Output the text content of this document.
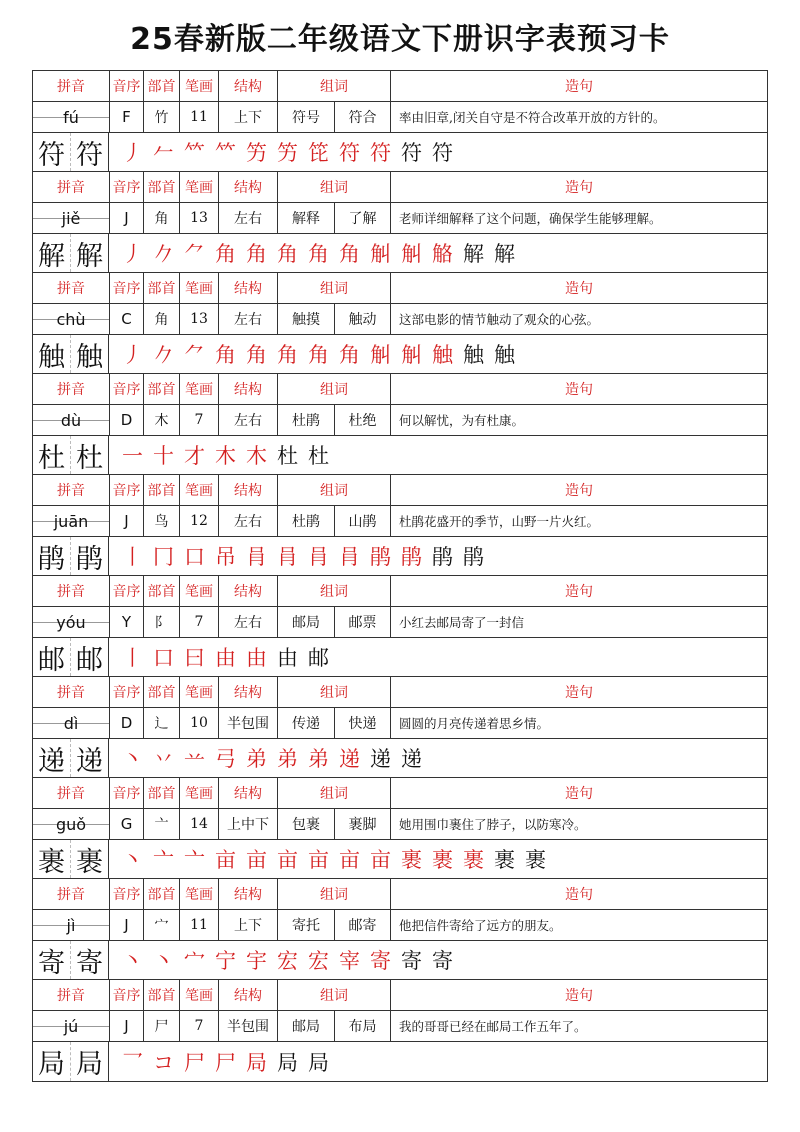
25春新版二年级语文下册识字表预习卡
拼音	音序 部首 笔画	结构	组词	造句
fú	F	竹	11	上下	符号	符合	率由旧章,闭关自守是不符合改革开放的方针的。
符 符 丿 𠂉 𥫗 𥫗 竻 竻 笓 符 符 符 符
拼音	音序 部首 笔画	结构	组词	造句
jiě	J	角	13	左右	解释	了解	老师详细解释了这个问题，确保学生能够理解。
解 解 丿 𠂊 ⺈ 角 角 角 角 角 觓 觓 觡 解 解
拼音	音序 部首 笔画	结构	组词	造句
chù	C	角	13	左右	触摸	触动	这部电影的情节触动了观众的心弦。
触 触 丿 𠂊 ⺈ 角 角 角 角 角 觓 觓 触 触 触
拼音	音序 部首 笔画	结构	组词	造句
dù	D	木	7	左右	杜鹃	杜绝	何以解忧，为有杜康。
杜 杜 一 十 才 木 木 杜 杜
拼音	音序 部首 笔画	结构	组词	造句
juān	J	鸟	12	左右	杜鹃	山鹃	杜鹃花盛开的季节，山野一片火红。
鹃 鹃 丨 冂 口 吊 肙 肙 肙 肙 鹃 鹃 鹃 鹃
拼音	音序 部首 笔画	结构	组词	造句
yóu	Y	阝	7	左右	邮局	邮票	小红去邮局寄了一封信
邮 邮 丨 口 曰 由 由 由 邮
拼音	音序 部首 笔画	结构	组词	造句
dì	D	辶	10	半包围	传递	快递	圆圆的月亮传递着思乡情。
递 递 丶 丷 䒑 弓 弟 弟 弟 递 递 递
拼音	音序 部首 笔画	结构	组词	造句
guǒ	G	亠	14	上中下	包裹	裹脚	她用围巾裹住了脖子，以防寒冷。
裹 裹 丶 亠 亠 亩 亩 亩 亩 亩 亩 裹 裹 裹 裹 裹
拼音	音序 部首 笔画	结构	组词	造句
jì	J	宀	11	上下	寄托	邮寄	他把信件寄给了远方的朋友。
寄 寄 丶 丶 宀 宁 宇 宏 宏 宰 寄 寄 寄
拼音	音序 部首 笔画	结构	组词	造句
jú	J	尸	7	半包围	邮局	布局	我的哥哥已经在邮局工作五年了。
局 局 乛 コ 尸 尸 局 局 局
